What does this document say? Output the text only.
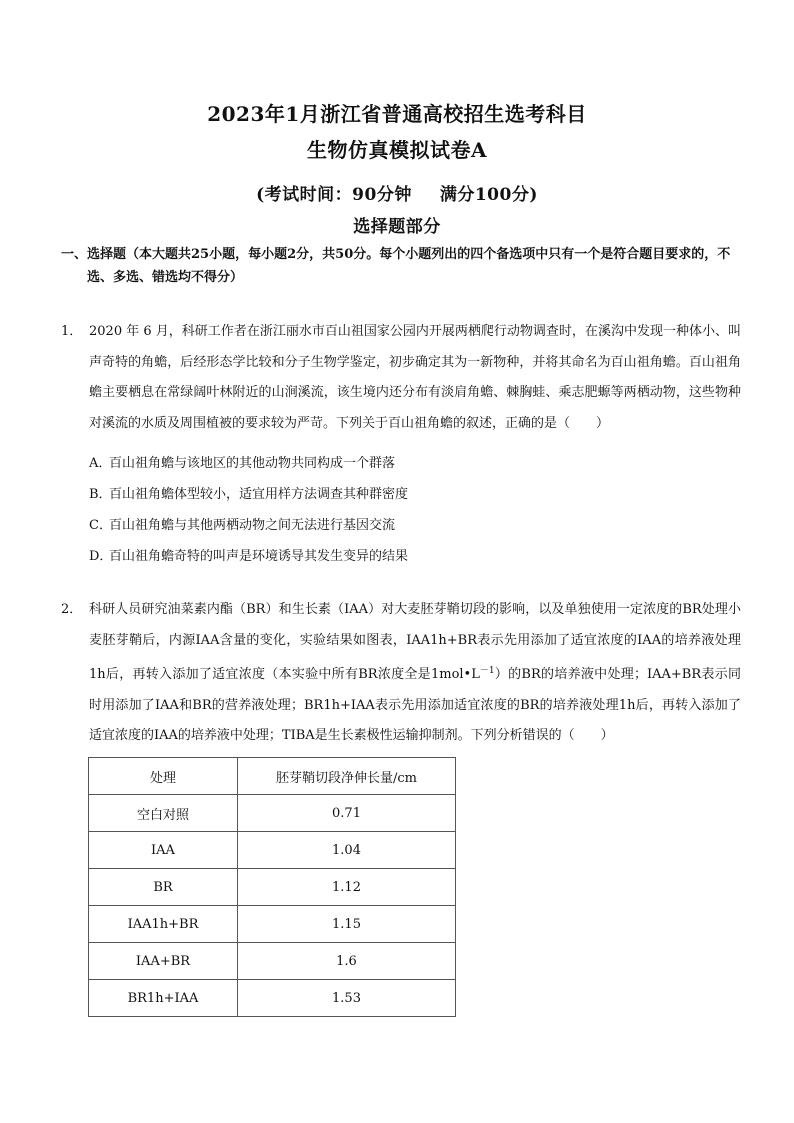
2023年1月浙江省普通高校招生选考科目
生物仿真模拟试卷A
(考试时间：90分钟 满分100分)
选择题部分
一、 选择题（本大题共25小题，每小题2分，共50分。每个小题列出的四个备选项中只有一个是符合题目要求的，不选、多选、错选均不得分）
1． 2020 年 6 月，科研工作者在浙江丽水市百山祖国家公园内开展两栖爬行动物调查时，在溪沟中发现一种体小、叫声奇特的角蟾，后经形态学比较和分子生物学鉴定，初步确定其为一新物种，并将其命名为百山祖角蟾。百山祖角蟾主要栖息在常绿阔叶林附近的山涧溪流，该生境内还分布有淡肩角蟾、棘胸蛙、乘志肥螈等两栖动物，这些物种对溪流的水质及周围植被的要求较为严苛。下列关于百山祖角蟾的叙述，正确的是（　　）
A．百山祖角蟾与该地区的其他动物共同构成一个群落
B．百山祖角蟾体型较小，适宜用样方法调查其种群密度
C．百山祖角蟾与其他两栖动物之间无法进行基因交流
D．百山祖角蟾奇特的叫声是环境诱导其发生变异的结果
2． 科研人员研究油菜素内酯（BR）和生长素（IAA）对大麦胚芽鞘切段的影响，以及单独使用一定浓度的BR处理小麦胚芽鞘后，内源IAA含量的变化，实验结果如图表，IAA1h+BR表示先用添加了适宜浓度的IAA的培养液处理1h后，再转入添加了适宜浓度（本实验中所有BR浓度全是$1mol•L^{-1}$）的BR的培养液中处理；IAA+BR表示同时用添加了IAA和BR的营养液处理；BR1h+IAA表示先用添加适宜浓度的BR的培养液处理1h后，再转入添加了适宜浓度的IAA的培养液中处理；TIBA是生长素极性运输抑制剂。下列分析错误的（　　）
处理	胚芽鞘切段净伸长量/cm
空白对照	0.71
IAA	1.04
BR	1.12
IAA1h+BR	1.15
IAA+BR	1.6
BR1h+IAA	1.53
